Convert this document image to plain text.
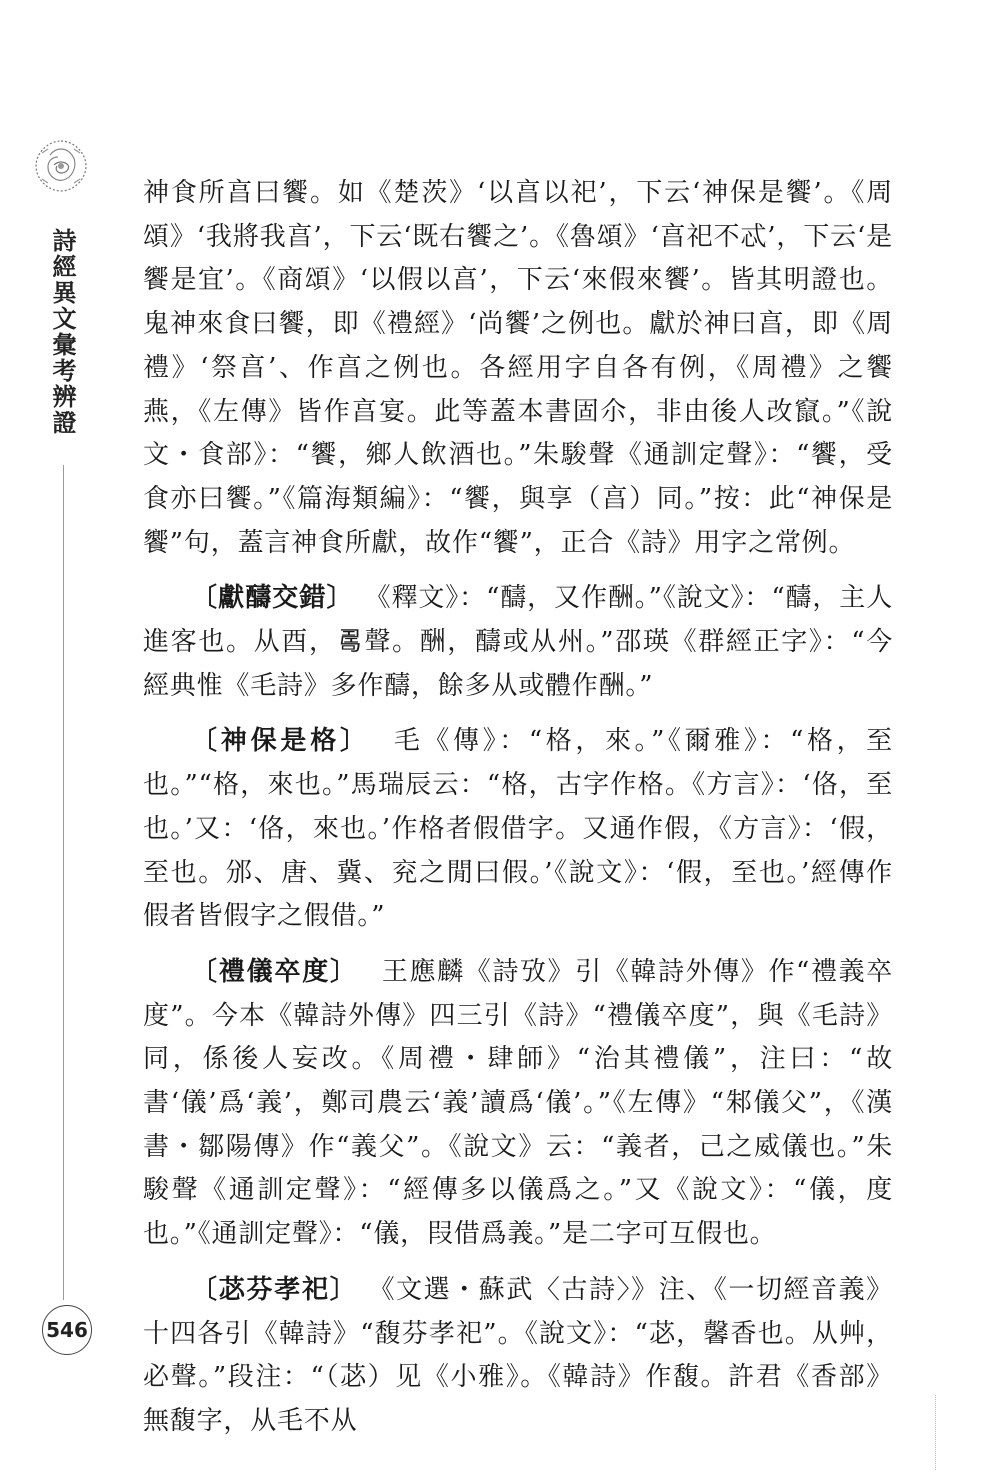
詩經異文彙考辨證

神食所亯曰饗。如《楚茨》‘以亯以祀’，下云‘神保是饗’。《周頌》‘我將我亯’，下云‘既右饗之’。《魯頌》‘亯祀不忒’，下云‘是饗是宜’。《商頌》‘以假以亯’，下云‘來假來饗’。皆其明證也。鬼神來食曰饗，即《禮經》‘尚饗’之例也。獻於神曰亯，即《周禮》‘祭亯’、作亯之例也。各經用字自各有例，《周禮》之饗燕，《左傳》皆作亯宴。此等蓋本書固尒，非由後人改竄。”《說文・食部》：“饗，鄉人飲酒也。”朱駿聲《通訓定聲》：“饗，受食亦曰饗。”《篇海類編》：“饗，與享（亯）同。”按：此“神保是饗”句，蓋言神食所獻，故作“饗”，正合《詩》用字之常例。

〔獻醻交錯〕 《釋文》：“醻，又作酬。”《說文》：“醻，主人進客也。从酉，𠷎聲。酬，醻或从州。”邵瑛《群經正字》：“今經典惟《毛詩》多作醻，餘多从或體作酬。”

〔神保是格〕 毛《傳》：“格，來。”《爾雅》：“格，至也。”“格，來也。”馬瑞辰云：“格，古字作格。《方言》：‘佫，至也。’又：‘佫，來也。’作格者假借字。又通作假，《方言》：‘假，至也。邠、唐、冀、兖之閒曰假。’《說文》：‘假，至也。’經傳作假者皆假字之假借。”

〔禮儀卒度〕 王應麟《詩攷》引《韓詩外傳》作“禮義卒度”。今本《韓詩外傳》四三引《詩》“禮儀卒度”，與《毛詩》同，係後人妄改。《周禮・肆師》“治其禮儀”，注曰：“故書‘儀’爲‘義’，鄭司農云‘義’讀爲‘儀’。”《左傳》“邾儀父”，《漢書・鄒陽傳》作“義父”。《說文》云：“義者，己之威儀也。”朱駿聲《通訓定聲》：“經傳多以儀爲之。”又《說文》：“儀，度也。”《通訓定聲》：“儀，叚借爲義。”是二字可互假也。

〔苾芬孝祀〕 《文選・蘇武〈古詩〉》注、《一切經音義》十四各引《韓詩》“馥芬孝祀”。《說文》：“苾，馨香也。从艸，必聲。”段注：“（苾）见《小雅》。《韓詩》作馥。許君《香部》無馥字，从毛不从

546
